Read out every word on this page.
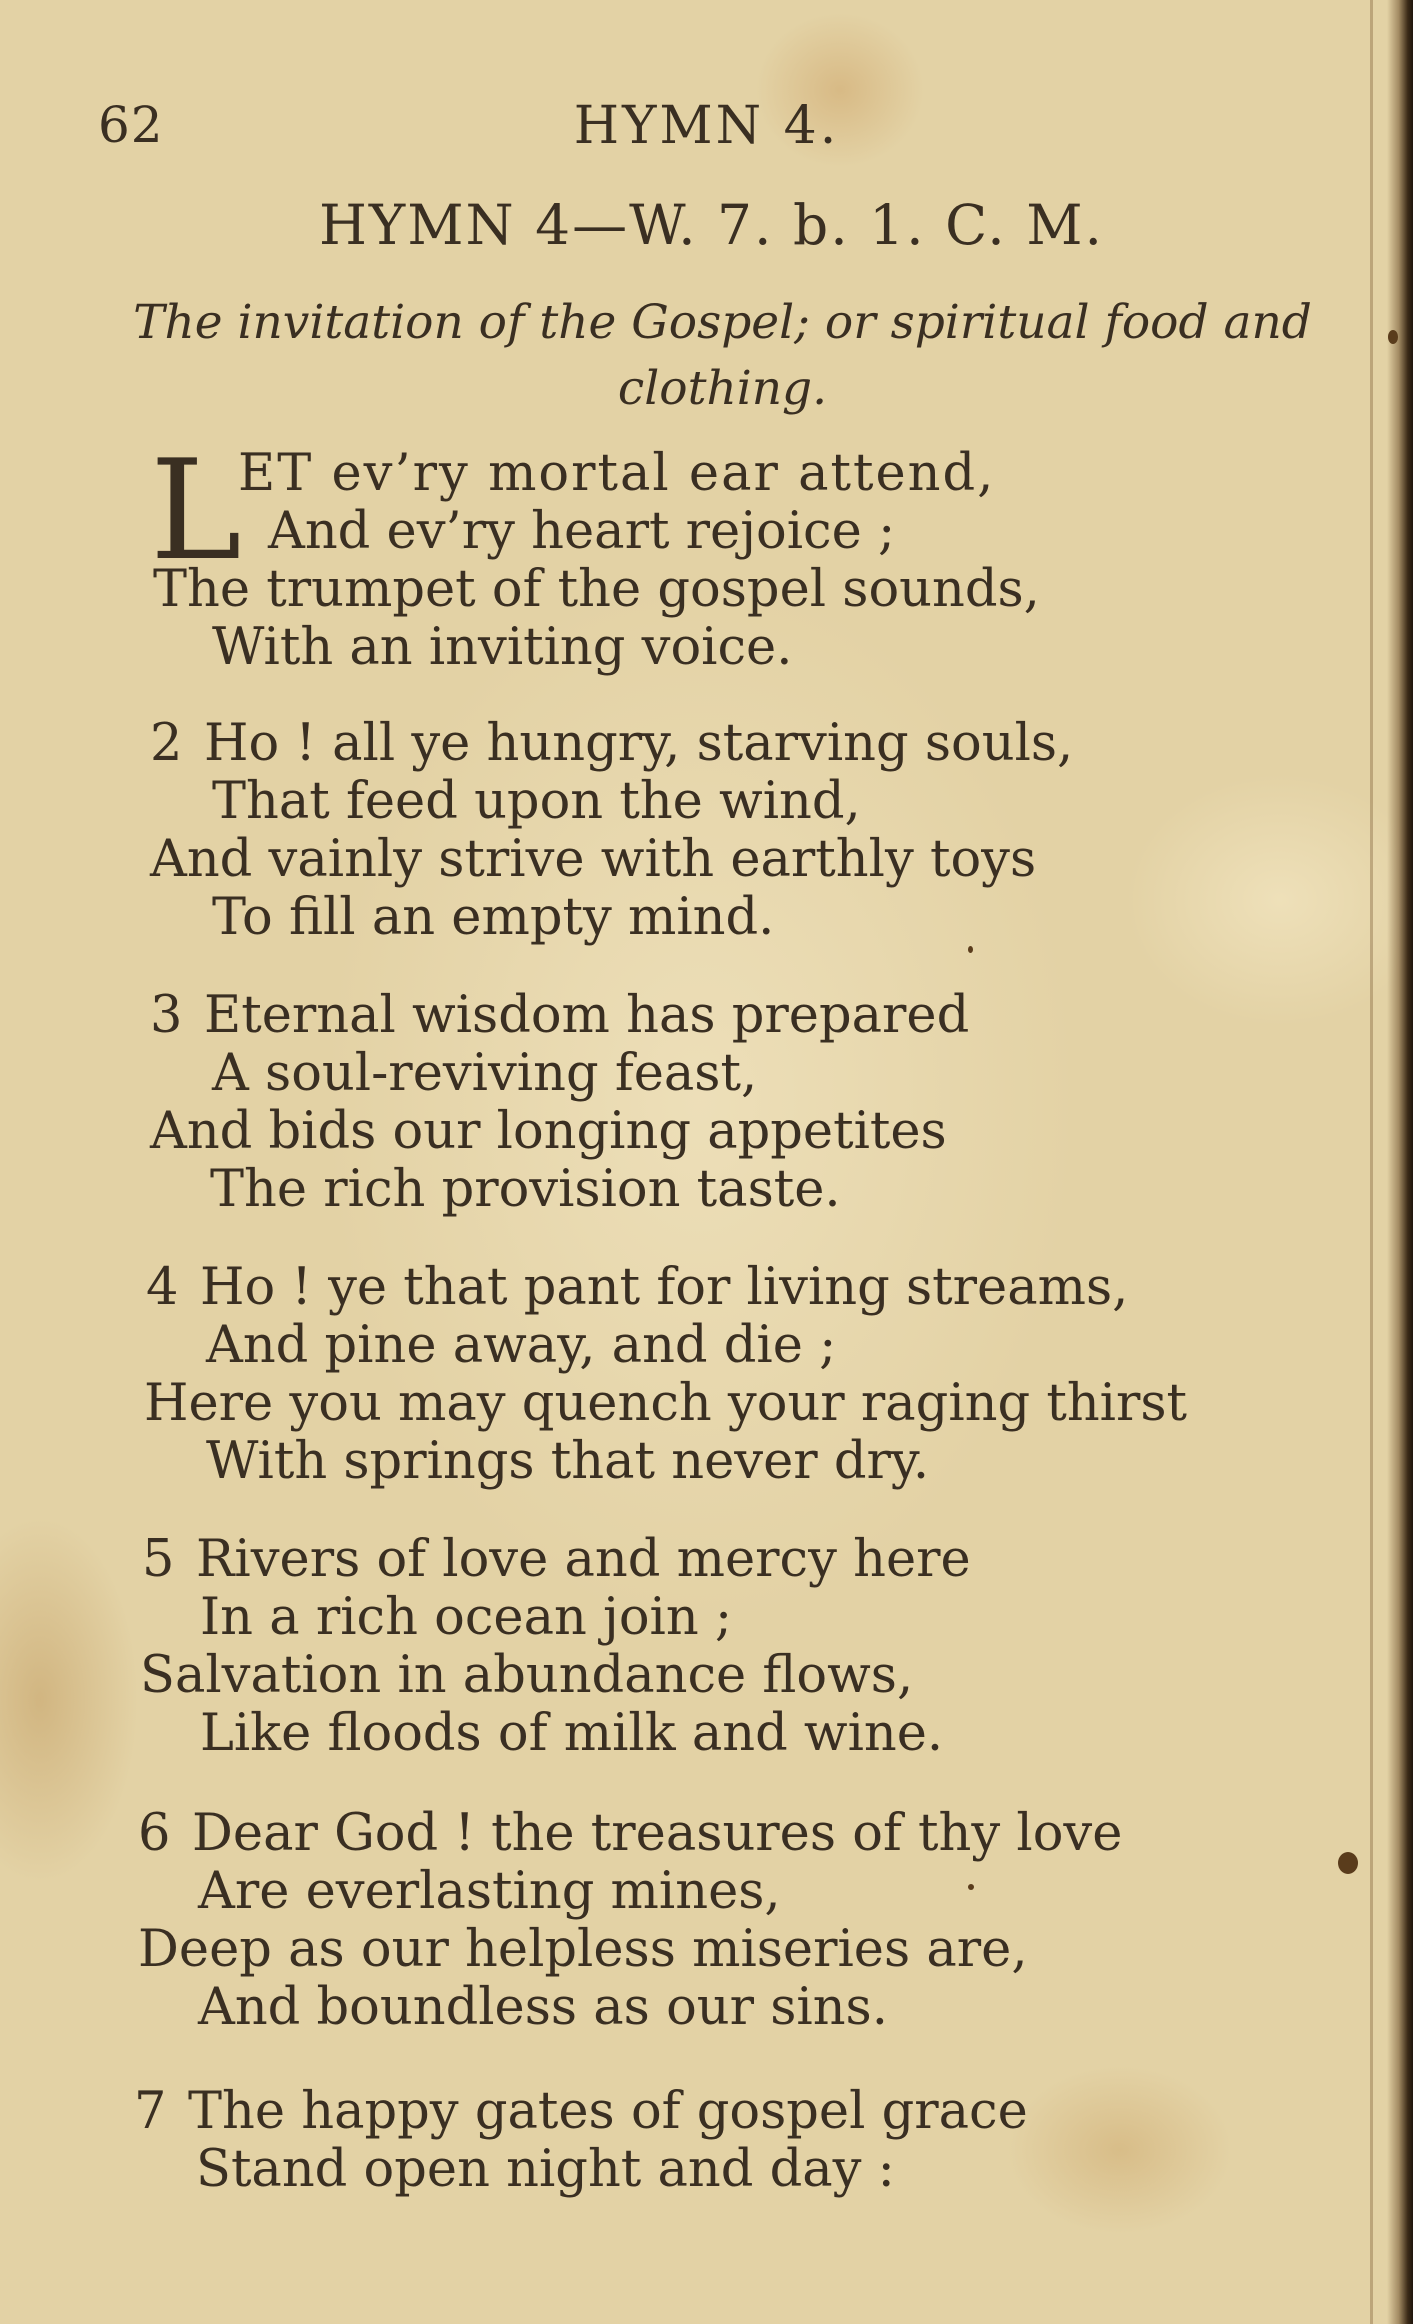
62	HYMN 4.
HYMN 4—W. 7. b. 1. C. M.
The invitation of the Gospel; or spiritual food and clothing.
L
ET ev’ry mortal ear attend,
And ev’ry heart rejoice ;
The trumpet of the gospel sounds,
With an inviting voice.
2 Ho ! all ye hungry, starving souls,
That feed upon the wind,
And vainly strive with earthly toys
To fill an empty mind.
3 Eternal wisdom has prepared
A soul-reviving feast,
And bids our longing appetites
The rich provision taste.
4 Ho ! ye that pant for living streams,
And pine away, and die ;
Here you may quench your raging thirst
With springs that never dry.
5 Rivers of love and mercy here
In a rich ocean join ;
Salvation in abundance flows,
Like floods of milk and wine.
6 Dear God ! the treasures of thy love
Are everlasting mines,
Deep as our helpless miseries are,
And boundless as our sins.
7 The happy gates of gospel grace
Stand open night and day :
